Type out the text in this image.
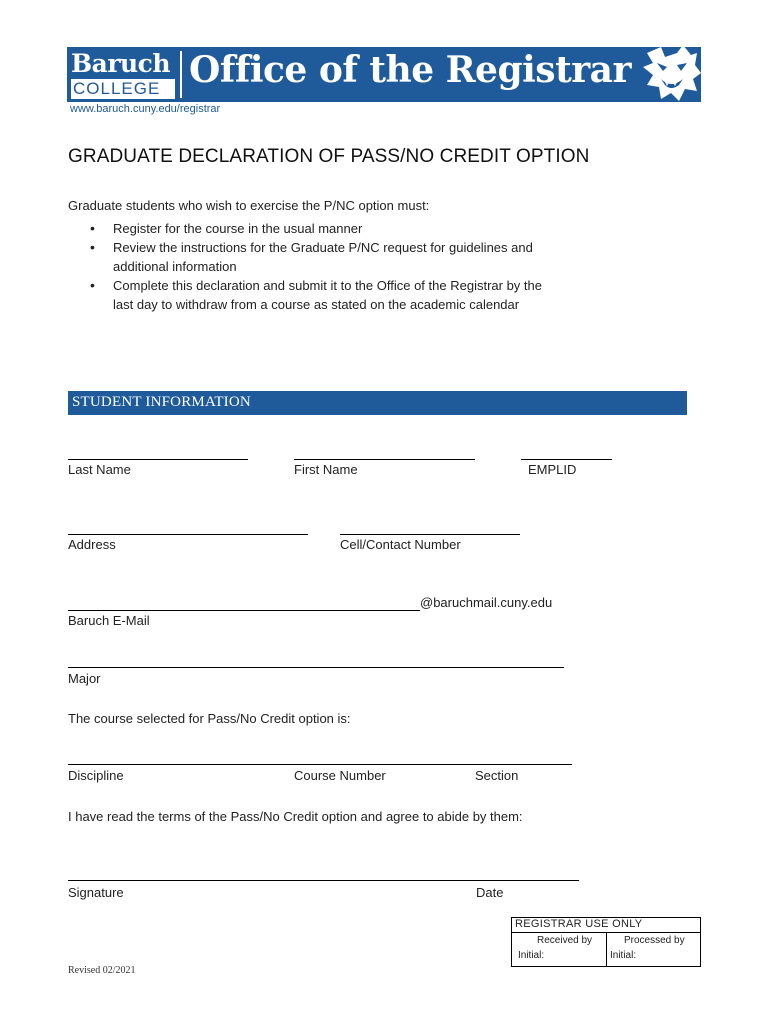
Baruch
COLLEGE Office of the Registrar
www.baruch.cuny.edu/registrar
GRADUATE DECLARATION OF PASS/NO CREDIT OPTION
Graduate students who wish to exercise the P/NC option must:
• Register for the course in the usual manner
• Review the instructions for the Graduate P/NC request for guidelines and additional information
• Complete this declaration and submit it to the Office of the Registrar by the last day to withdraw from a course as stated on the academic calendar
STUDENT INFORMATION
Last Name	First Name	EMPLID
Address	Cell/Contact Number
@baruchmail.cuny.edu
Baruch E-Mail
Major
The course selected for Pass/No Credit option is:
Discipline	Course Number	Section
I have read the terms of the Pass/No Credit option and agree to abide by them:
Signature	Date
REGISTRAR USE ONLY
Received by	Processed by
Initial:	Initial:
Revised 02/2021
